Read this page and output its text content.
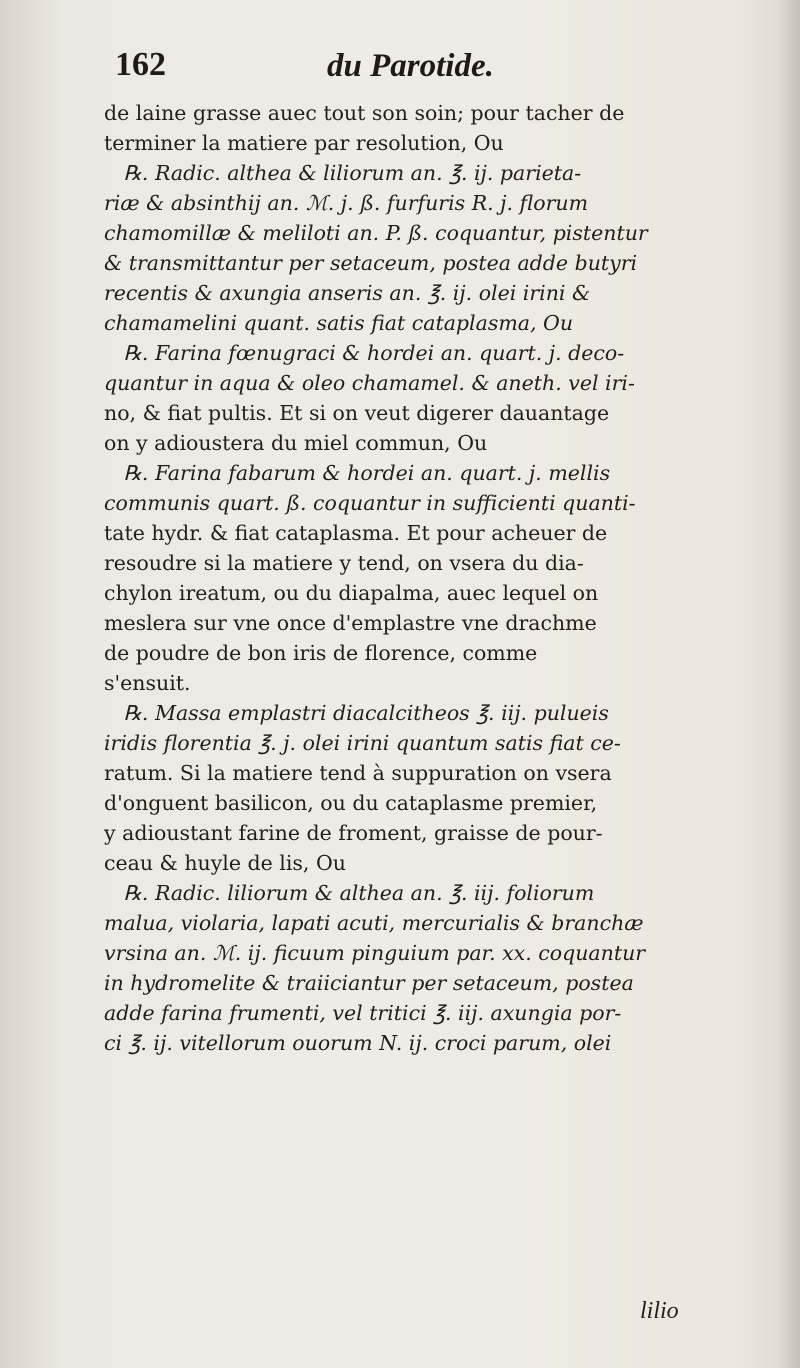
162	du Parotide.
de laine grasse auec tout son soin; pour tacher de
terminer la matiere par resolution, Ou
℞. Radic. althea & liliorum an. ℥. ij. parieta-
riæ & absinthij an. ℳ. j. ß. furfuris R. j. florum
chamomillæ & meliloti an. P. ß. coquantur, pistentur
& transmittantur per setaceum, postea adde butyri
recentis & axungia anseris an. ℥. ij. olei irini &
chamamelini quant. satis fiat cataplasma, Ou
℞. Farina fœnugraci & hordei an. quart. j. deco-
quantur in aqua & oleo chamamel. & aneth. vel iri-
no, & fiat pultis. Et si on veut digerer dauantage
on y adioustera du miel commun, Ou
℞. Farina fabarum & hordei an. quart. j. mellis
communis quart. ß. coquantur in sufficienti quanti-
tate hydr. & fiat cataplasma. Et pour acheuer de
resoudre si la matiere y tend, on vsera du dia-
chylon ireatum, ou du diapalma, auec lequel on
meslera sur vne once d'emplastre vne drachme
de poudre de bon iris de florence, comme
s'ensuit.
℞. Massa emplastri diacalcitheos ℥. iij. pulueis
iridis florentia ℥. j. olei irini quantum satis fiat ce-
ratum. Si la matiere tend à suppuration on vsera
d'onguent basilicon, ou du cataplasme premier,
y adioustant farine de froment, graisse de pour-
ceau & huyle de lis, Ou
℞. Radic. liliorum & althea an. ℥. iij. foliorum
malua, violaria, lapati acuti, mercurialis & branchæ
vrsina an. ℳ. ij. ficuum pinguium par. xx. coquantur
in hydromelite & traiiciantur per setaceum, postea
adde farina frumenti, vel tritici ℥. iij. axungia por-
ci ℥. ij. vitellorum ouorum N. ij. croci parum, olei
lilio
